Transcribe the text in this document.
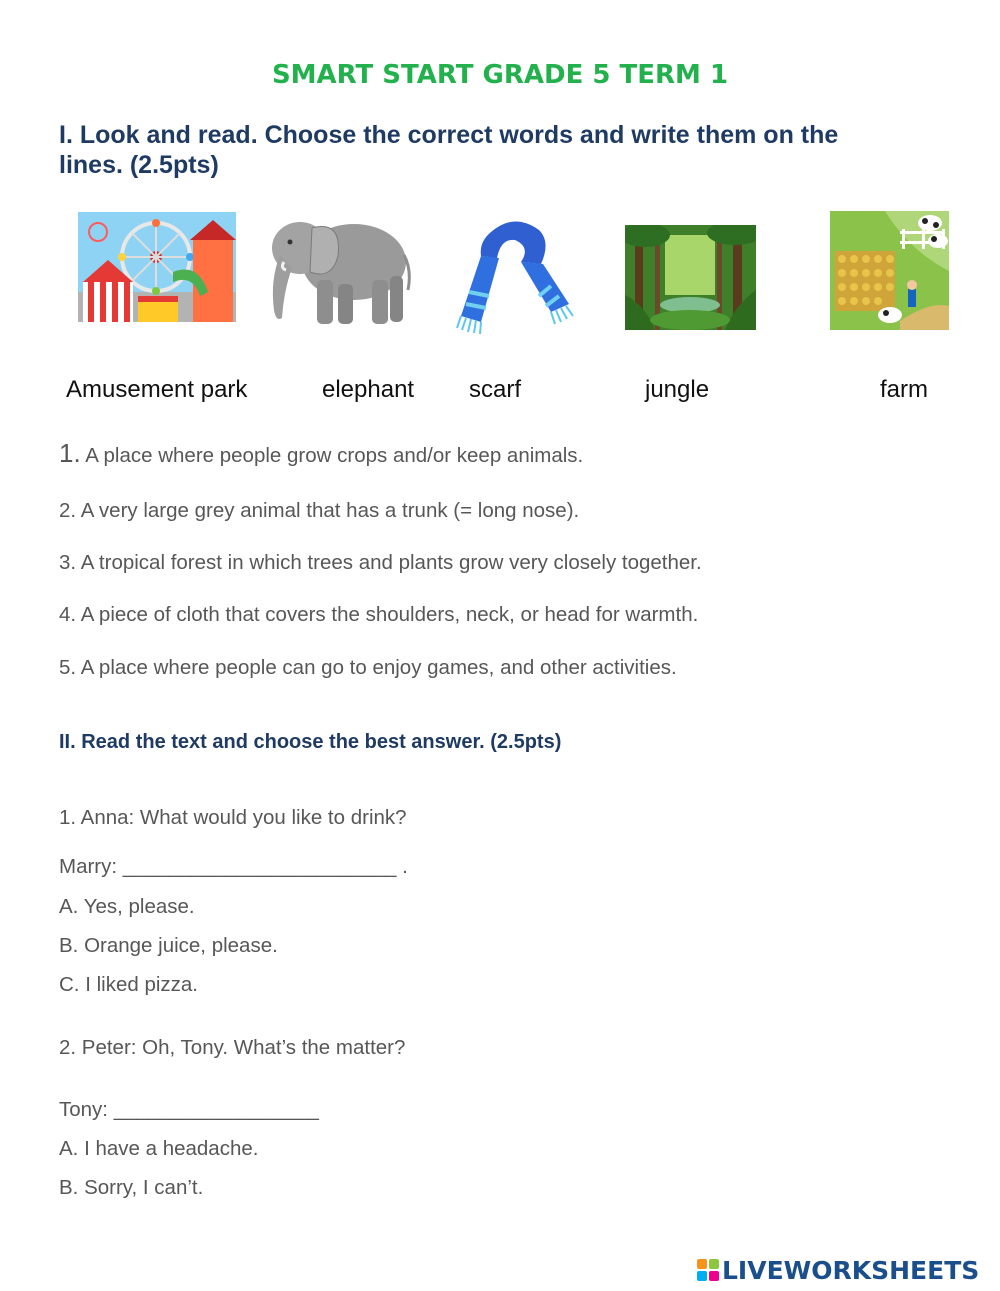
SMART START GRADE 5 TERM 1
I. Look and read. Choose the correct words and write them on the
lines. (2.5pts)
Amusement park	elephant scarf	jungle	farm
1. A place where people grow crops and/or keep animals.
2. A very large grey animal that has a trunk (= long nose).
3. A tropical forest in which trees and plants grow very closely together.
4. A piece of cloth that covers the shoulders, neck, or head for warmth.
5. A place where people can go to enjoy games, and other activities.
II. Read the text and choose the best answer. (2.5pts)
1. Anna: What would you like to drink?
Marry: ________________________ .
A. Yes, please.
B. Orange juice, please.
C. I liked pizza.
2. Peter: Oh, Tony. What’s the matter?
Tony: __________________
A. I have a headache.
B. Sorry, I can’t.
LIVEWORKSHEETS
